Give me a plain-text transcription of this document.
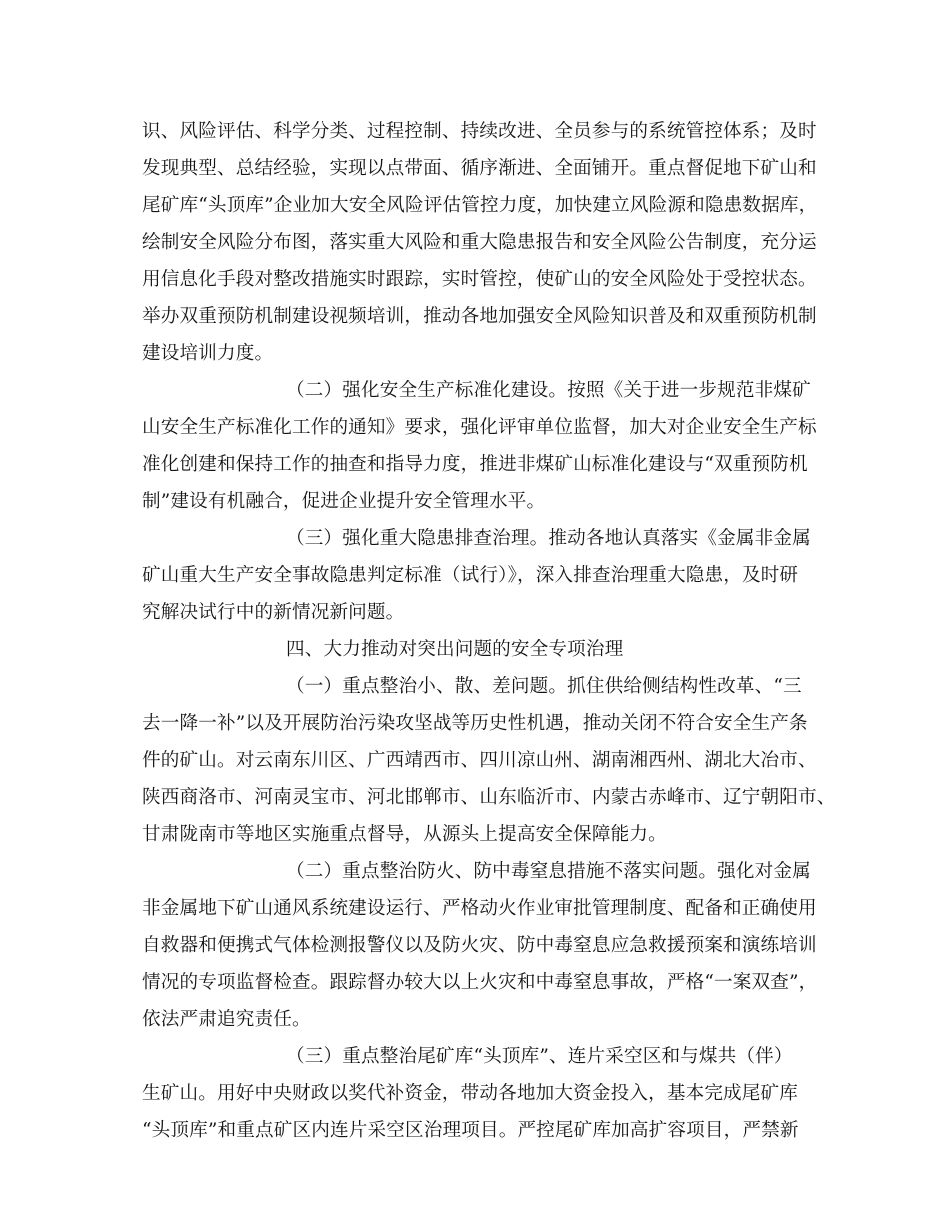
识、风险评估、科学分类、过程控制、持续改进、全员参与的系统管控体系；及时
发现典型、总结经验，实现以点带面、循序渐进、全面铺开。重点督促地下矿山和
尾矿库“头顶库”企业加大安全风险评估管控力度，加快建立风险源和隐患数据库，
绘制安全风险分布图，落实重大风险和重大隐患报告和安全风险公告制度，充分运
用信息化手段对整改措施实时跟踪，实时管控，使矿山的安全风险处于受控状态。
举办双重预防机制建设视频培训，推动各地加强安全风险知识普及和双重预防机制
建设培训力度。
（二）强化安全生产标准化建设。按照《关于进一步规范非煤矿
山安全生产标准化工作的通知》要求，强化评审单位监督，加大对企业安全生产标
准化创建和保持工作的抽查和指导力度，推进非煤矿山标准化建设与“双重预防机
制”建设有机融合，促进企业提升安全管理水平。
（三）强化重大隐患排查治理。推动各地认真落实《金属非金属
矿山重大生产安全事故隐患判定标准（试行）》，深入排查治理重大隐患，及时研
究解决试行中的新情况新问题。
四、大力推动对突出问题的安全专项治理
（一）重点整治小、散、差问题。抓住供给侧结构性改革、“三
去一降一补”以及开展防治污染攻坚战等历史性机遇，推动关闭不符合安全生产条
件的矿山。对云南东川区、广西靖西市、四川凉山州、湖南湘西州、湖北大冶市、
陕西商洛市、河南灵宝市、河北邯郸市、山东临沂市、内蒙古赤峰市、辽宁朝阳市、
甘肃陇南市等地区实施重点督导，从源头上提高安全保障能力。
（二）重点整治防火、防中毒窒息措施不落实问题。强化对金属
非金属地下矿山通风系统建设运行、严格动火作业审批管理制度、配备和正确使用
自救器和便携式气体检测报警仪以及防火灾、防中毒窒息应急救援预案和演练培训
情况的专项监督检查。跟踪督办较大以上火灾和中毒窒息事故，严格“一案双查”，
依法严肃追究责任。
（三）重点整治尾矿库“头顶库”、连片采空区和与煤共（伴）
生矿山。用好中央财政以奖代补资金，带动各地加大资金投入，基本完成尾矿库
“头顶库”和重点矿区内连片采空区治理项目。严控尾矿库加高扩容项目，严禁新
